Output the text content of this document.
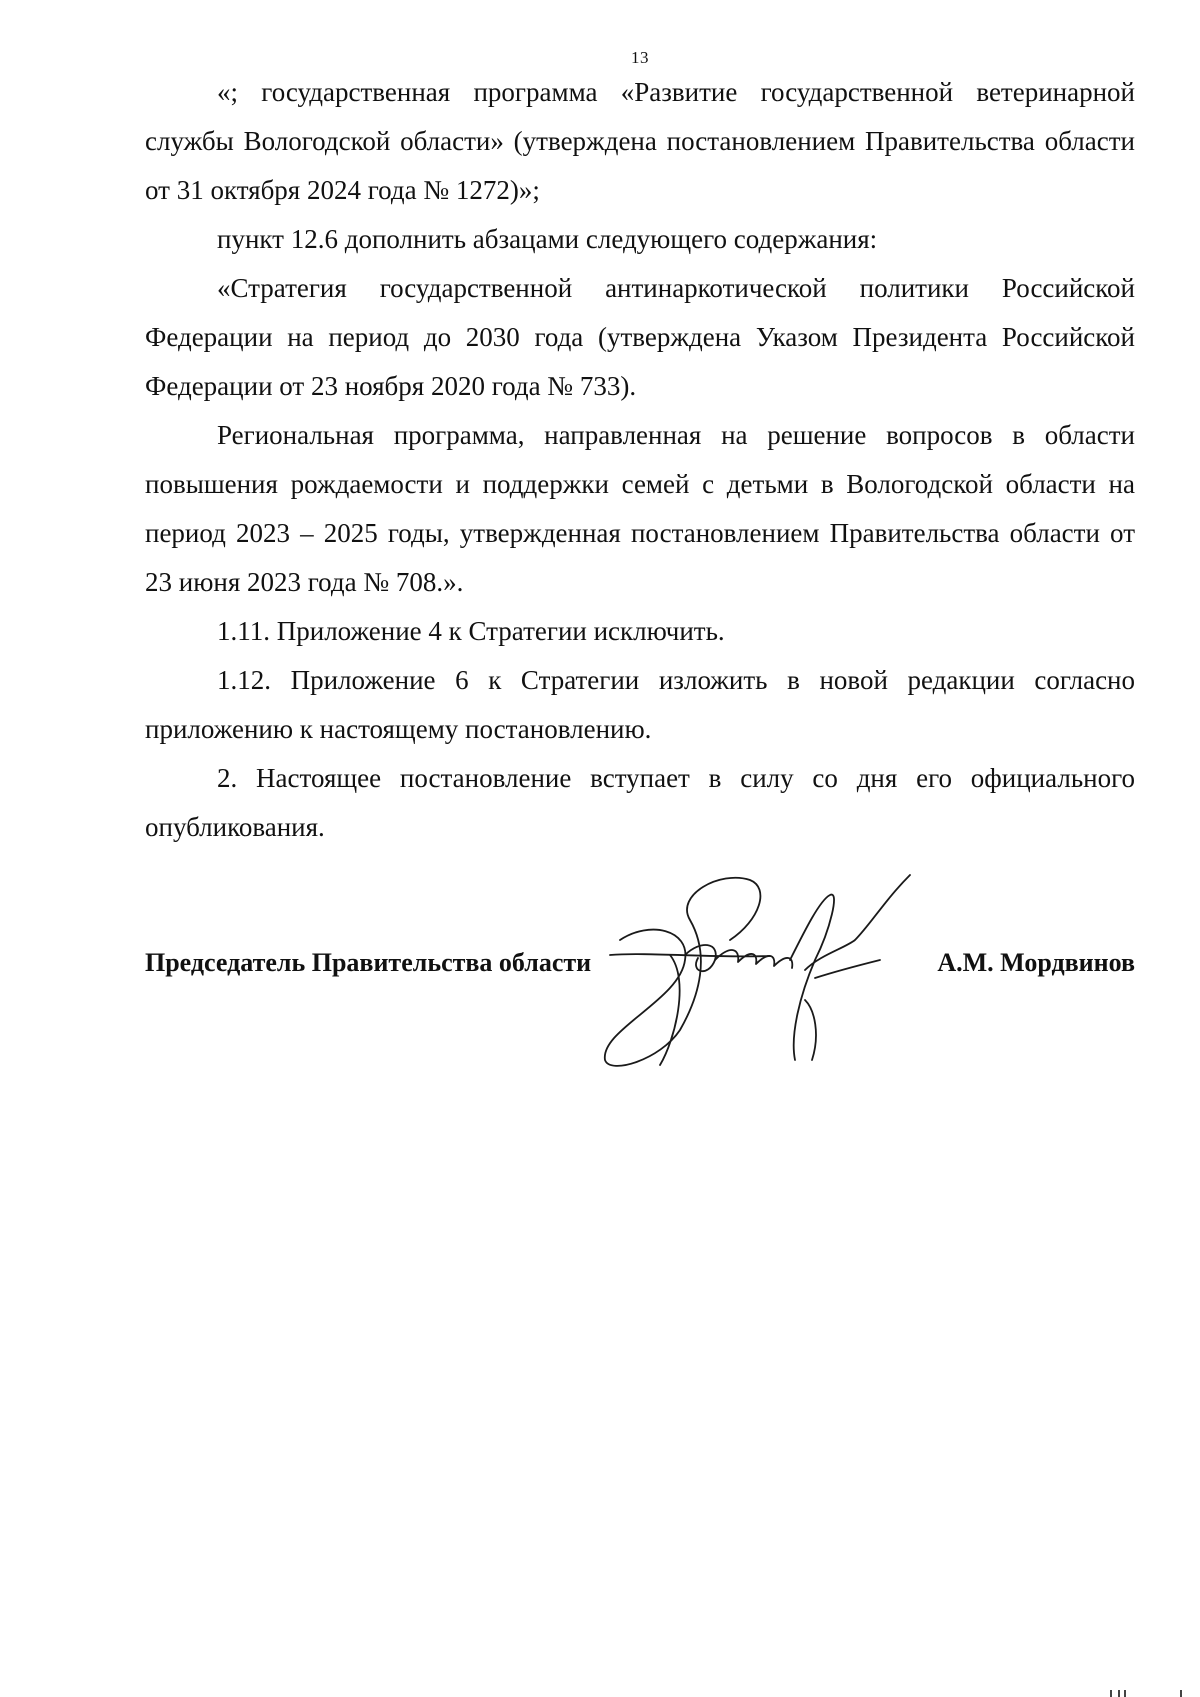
13

«; государственная программа «Развитие государственной ветеринарной службы Вологодской области» (утверждена постановлением Правительства области от 31 октября 2024 года № 1272)»;

пункт 12.6 дополнить абзацами следующего содержания:

«Стратегия государственной антинаркотической политики Российской Федерации на период до 2030 года (утверждена Указом Президента Российской Федерации от 23 ноября 2020 года № 733).

Региональная программа, направленная на решение вопросов в области повышения рождаемости и поддержки семей с детьми в Вологодской области на период 2023 – 2025 годы, утвержденная постановлением Правительства области от 23 июня 2023 года № 708.».

1.11. Приложение 4 к Стратегии исключить.

1.12. Приложение 6 к Стратегии изложить в новой редакции согласно приложению к настоящему постановлению.

2. Настоящее постановление вступает в силу со дня его официального опубликования.

Председатель Правительства области	А.М. Мордвинов
